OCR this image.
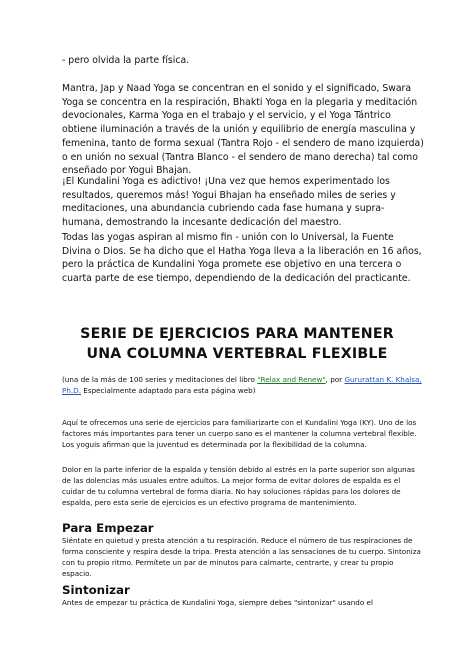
- pero olvida la parte física.

Mantra, Jap y Naad Yoga se concentran en el sonido y el significado, Swara Yoga se concentra en la respiración, Bhakti Yoga en la plegaria y meditación devocionales, Karma Yoga en el trabajo y el servicio, y el Yoga Tántrico obtiene iluminación a través de la unión y equilibrio de energía masculina y femenina, tanto de forma sexual (Tantra Rojo - el sendero de mano izquierda) o en unión no sexual (Tantra Blanco - el sendero de mano derecha) tal como enseñado por Yogui Bhajan.

¡El Kundalini Yoga es adictivo! ¡Una vez que hemos experimentado los resultados, queremos más! Yogui Bhajan ha enseñado miles de series y meditaciones, una abundancia cubriendo cada fase humana y supra-humana, demostrando la incesante dedicación del maestro.

Todas las yogas aspiran al mismo fin - unión con lo Universal, la Fuente Divina o Dios. Se ha dicho que el Hatha Yoga lleva a la liberación en 16 años, pero la práctica de Kundalini Yoga promete ese objetivo en una tercera o cuarta parte de ese tiempo, dependiendo de la dedicación del practicante.

SERIE DE EJERCICIOS PARA MANTENER
UNA COLUMNA VERTEBRAL FLEXIBLE

(una de la más de 100 series y meditaciones del libro "Relax and Renew", por Gururattan K. Khalsa, Ph.D. Especialmente adaptado para esta página web)

Aquí te ofrecemos una serie de ejercicios para familiarizarte con el Kundalini Yoga (KY). Uno de los factores más importantes para tener un cuerpo sano es el mantener la columna vertebral flexible. Los yoguis afirman que la juventud es determinada por la flexibilidad de la columna.

Dolor en la parte inferior de la espalda y tensión debido al estrés en la parte superior son algunas de las dolencias más usuales entre adultos. La mejor forma de evitar dolores de espalda es el cuidar de tu columna vertebral de forma diaria. No hay soluciones rápidas para los dolores de espalda, pero esta serie de ejercicios es un efectivo programa de mantenimiento.

Para Empezar

Siéntate en quietud y presta atención a tu respiración. Reduce el número de tus respiraciones de forma consciente y respira desde la tripa. Presta atención a las sensaciones de tu cuerpo. Sintoniza con tu propio ritmo. Permítete un par de minutos para calmarte, centrarte, y crear tu propio espacio.

Sintonizar

Antes de empezar tu práctica de Kundalini Yoga, siempre debes "sintonizar" usando el
